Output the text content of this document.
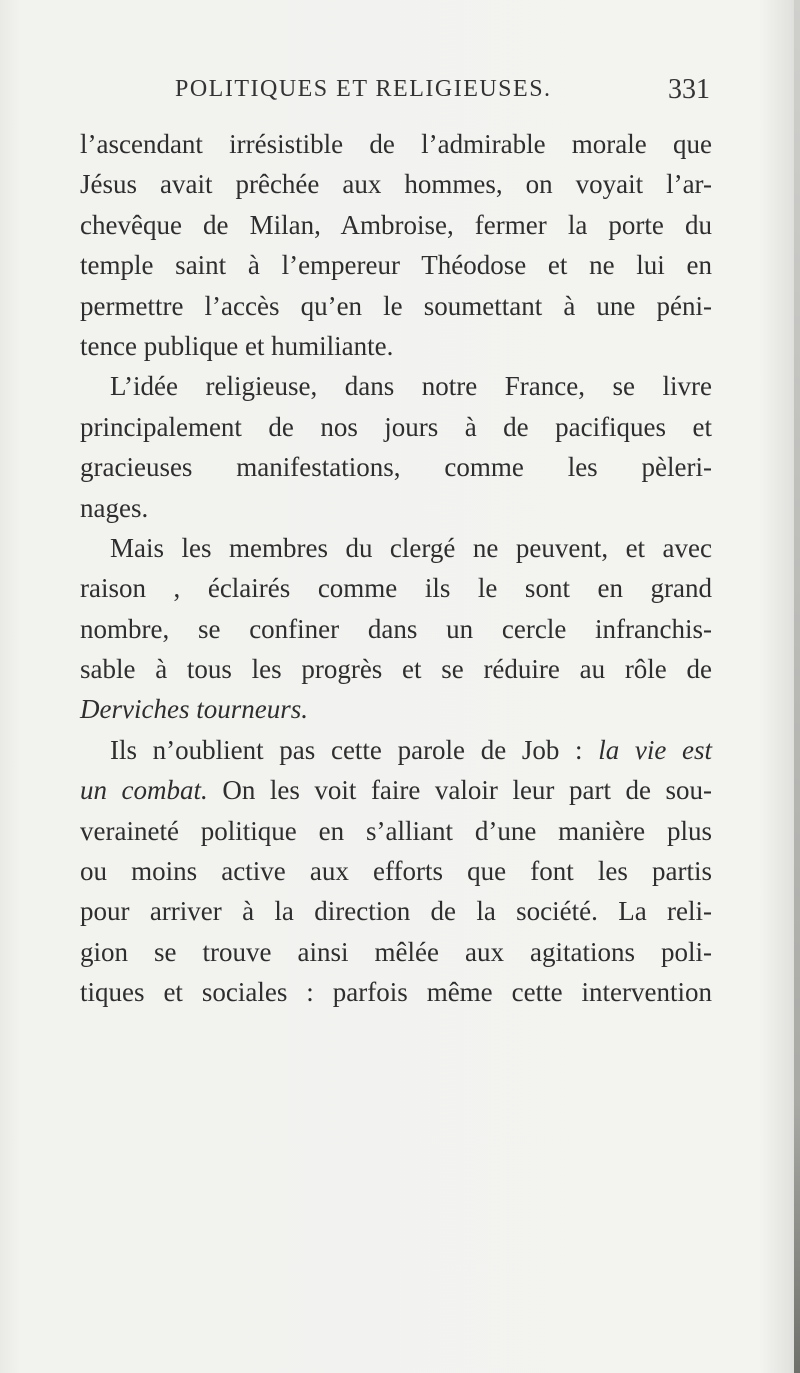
POLITIQUES ET RELIGIEUSES.	331
l’ascendant irrésistible de l’admirable morale que
Jésus avait prêchée aux hommes, on voyait l’ar-
chevêque de Milan, Ambroise, fermer la porte du
temple saint à l’empereur Théodose et ne lui en
permettre l’accès qu’en le soumettant à une péni-
tence publique et humiliante.
L’idée religieuse, dans notre France, se livre
principalement de nos jours à de pacifiques et
gracieuses manifestations, comme les pèleri-
nages.
Mais les membres du clergé ne peuvent, et avec
raison , éclairés comme ils le sont en grand
nombre, se confiner dans un cercle infranchis-
sable à tous les progrès et se réduire au rôle de
Derviches tourneurs.
Ils n’oublient pas cette parole de Job : la vie est
un combat. On les voit faire valoir leur part de sou-
veraineté politique en s’alliant d’une manière plus
ou moins active aux efforts que font les partis
pour arriver à la direction de la société. La reli-
gion se trouve ainsi mêlée aux agitations poli-
tiques et sociales : parfois même cette intervention
